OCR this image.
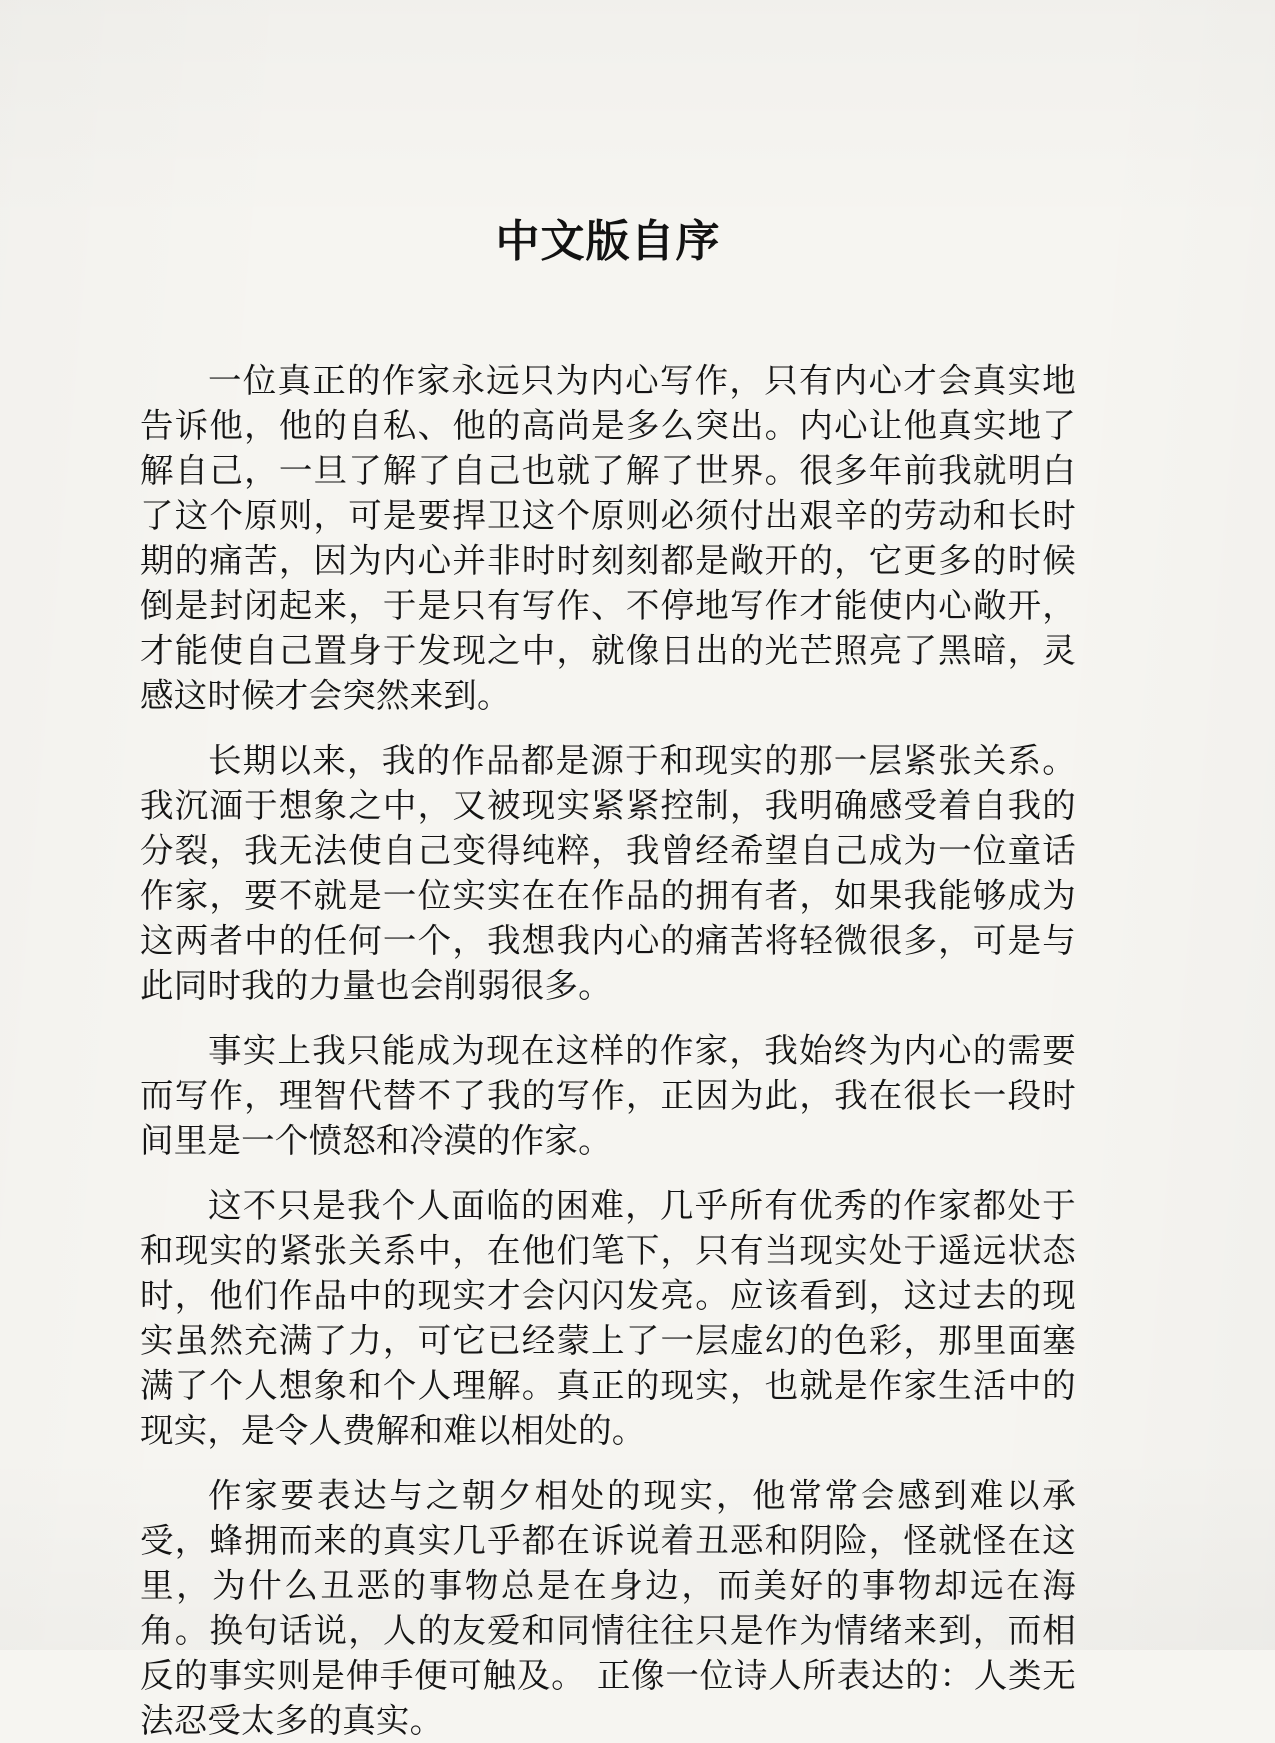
中文版自序

一位真正的作家永远只为内心写作，只有内心才会真实地告诉他，他的自私、他的高尚是多么突出。内心让他真实地了解自己，一旦了解了自己也就了解了世界。很多年前我就明白了这个原则，可是要捍卫这个原则必须付出艰辛的劳动和长时期的痛苦，因为内心并非时时刻刻都是敞开的，它更多的时候倒是封闭起来，于是只有写作、不停地写作才能使内心敞开，才能使自己置身于发现之中，就像日出的光芒照亮了黑暗，灵感这时候才会突然来到。

长期以来，我的作品都是源于和现实的那一层紧张关系。我沉湎于想象之中，又被现实紧紧控制，我明确感受着自我的分裂，我无法使自己变得纯粹，我曾经希望自己成为一位童话作家，要不就是一位实实在在作品的拥有者，如果我能够成为这两者中的任何一个，我想我内心的痛苦将轻微很多，可是与此同时我的力量也会削弱很多。

事实上我只能成为现在这样的作家，我始终为内心的需要而写作，理智代替不了我的写作，正因为此，我在很长一段时间里是一个愤怒和冷漠的作家。

这不只是我个人面临的困难，几乎所有优秀的作家都处于和现实的紧张关系中，在他们笔下，只有当现实处于遥远状态时，他们作品中的现实才会闪闪发亮。应该看到，这过去的现实虽然充满了力，可它已经蒙上了一层虚幻的色彩，那里面塞满了个人想象和个人理解。真正的现实，也就是作家生活中的现实，是令人费解和难以相处的。

作家要表达与之朝夕相处的现实，他常常会感到难以承受，蜂拥而来的真实几乎都在诉说着丑恶和阴险，怪就怪在这里，为什么丑恶的事物总是在身边，而美好的事物却远在海角。换句话说，人的友爱和同情往往只是作为情绪来到，而相反的事实则是伸手便可触及。 正像一位诗人所表达的：人类无法忍受太多的真实。
